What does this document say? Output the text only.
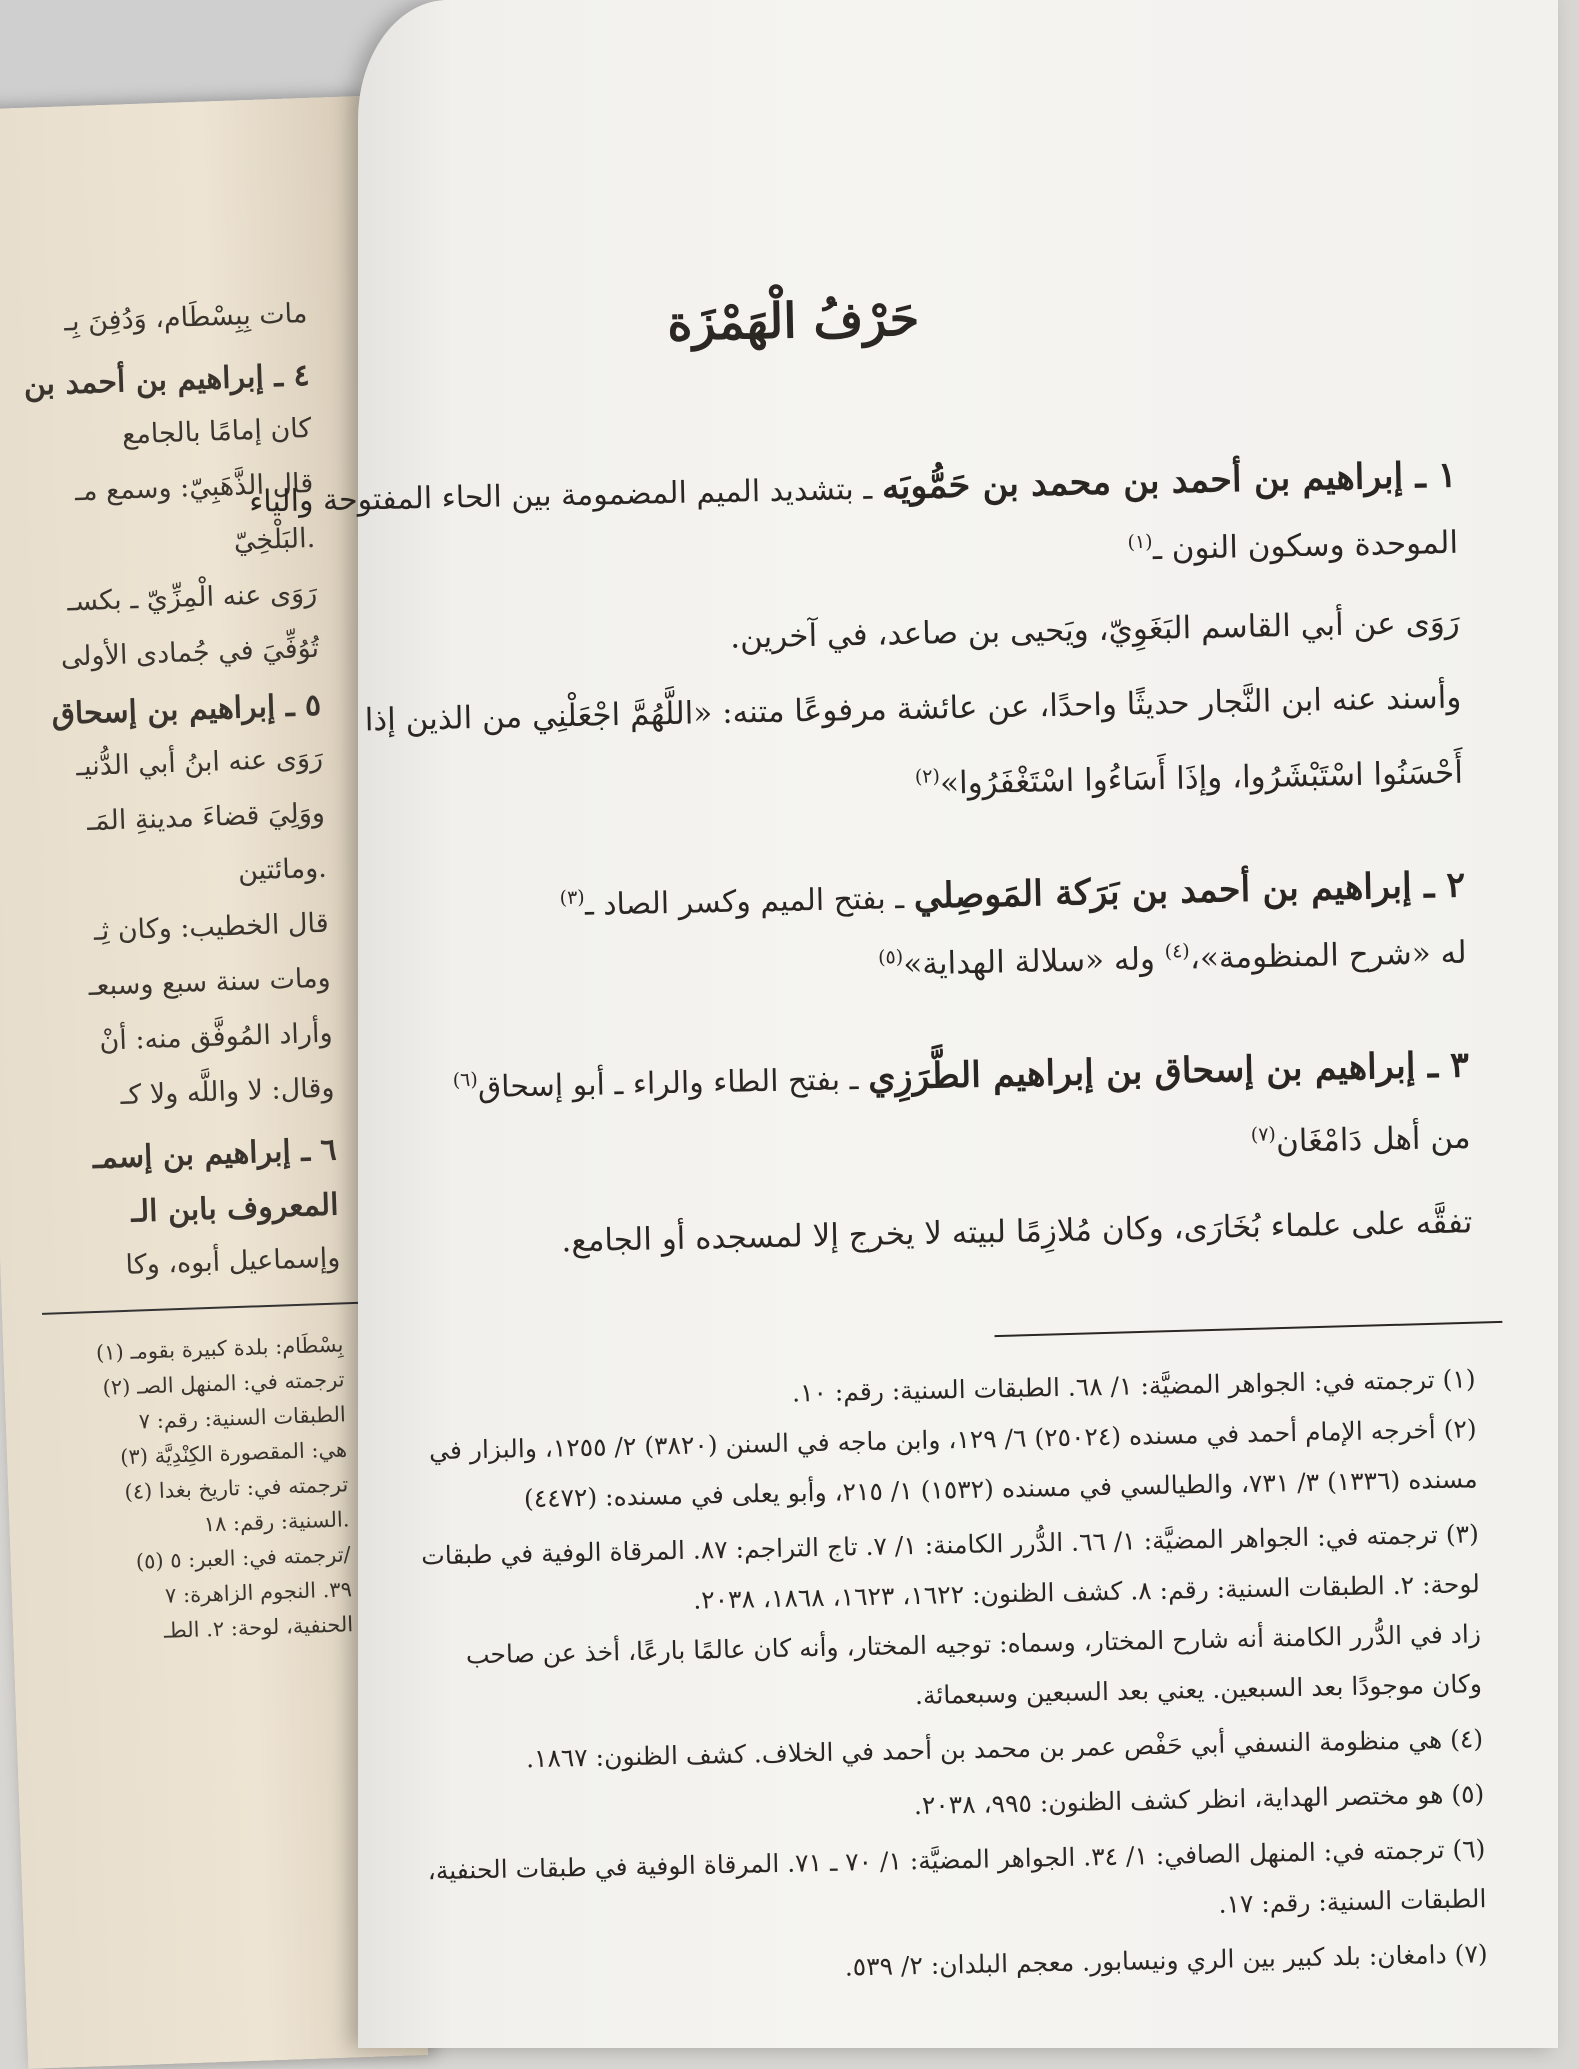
مات بِبِسْطَام، وَدُفِنَ بِـ
٤ ـ إبراهيم بن أحمد بن
كان إمامًا بالجامع
قال الذَّهَبِيّ: وسمع مـ
البَلْخِيّ.
رَوَى عنه الْمِزِّيّ ـ بكسـ
تُوُفِّيَ في جُمادى الأولى
٥ ـ إبراهيم بن إسحاق
رَوَى عنه ابنُ أبي الدُّنيـ
ووَلِيَ قضاءَ مدينةِ المَـ
ومائتين.
قال الخطيب: وكان ثِـ
ومات سنة سبع وسبعـ
وأراد المُوفَّق منه: أنْ
وقال: لا واللَّه ولا كـ
٦ ـ إبراهيم بن إسمـ
المعروف بابن الـ
وإسماعيل أبوه، وكا
(١) بِسْطَام: بلدة كبيرة بقومـ
(٢) ترجمته في: المنهل الصـ
الطبقات السنية: رقم: ٧
(٣) هي: المقصورة الكِنْدِيَّة
(٤) ترجمته في: تاريخ بغدا
السنية: رقم: ١٨.
(٥) ترجمته في: العبر: ٥/
٣٩. النجوم الزاهرة: ٧
الحنفية، لوحة: ٢. الطـ
حَرْفُ الْهَمْزَة
١ ـ إبراهيم بن أحمد بن محمد بن حَمُّويَه ـ بتشديد الميم المضمومة بين الحاء المفتوحة والياء
الموحدة وسكون النون ـ$^{(١)}$
رَوَى عن أبي القاسم البَغَوِيّ، ويَحيى بن صاعد، في آخرين.
وأسند عنه ابن النَّجار حديثًا واحدًا، عن عائشة مرفوعًا متنه: «اللَّهُمَّ اجْعَلْنِي من الذين إذا
أَحْسَنُوا اسْتَبْشَرُوا، وإذَا أَسَاءُوا اسْتَغْفَرُوا»$^{(٢)}$
٢ ـ إبراهيم بن أحمد بن بَرَكة المَوصِلي ـ بفتح الميم وكسر الصاد ـ$^{(٣)}$
له «شرح المنظومة»،$^{(٤)}$ وله «سلالة الهداية»$^{(٥)}$
٣ ـ إبراهيم بن إسحاق بن إبراهيم الطَّرَزِي ـ بفتح الطاء والراء ـ أبو إسحاق$^{(٦)}$
من أهل دَامْغَان$^{(٧)}$
تفقَّه على علماء بُخَارَى، وكان مُلازِمًا لبيته لا يخرج إلا لمسجده أو الجامع.
(١) ترجمته في: الجواهر المضيَّة: ١/ ٦٨. الطبقات السنية: رقم: ١٠.
(٢) أخرجه الإمام أحمد في مسنده (٢٥٠٢٤) ٦/ ١٢٩، وابن ماجه في السنن (٣٨٢٠) ٢/ ١٢٥٥، والبزار في
مسنده (١٣٣٦) ٣/ ٧٣١، والطيالسي في مسنده (١٥٣٢) ١/ ٢١٥، وأبو يعلى في مسنده: (٤٤٧٢)
(٣) ترجمته في: الجواهر المضيَّة: ١/ ٦٦. الدُّرر الكامنة: ١/ ٧. تاج التراجم: ٨٧. المرقاة الوفية في طبقات
لوحة: ٢. الطبقات السنية: رقم: ٨. كشف الظنون: ١٦٢٢، ١٦٢٣، ١٨٦٨، ٢٠٣٨.
زاد في الدُّرر الكامنة أنه شارح المختار، وسماه: توجيه المختار، وأنه كان عالمًا بارعًا، أخذ عن صاحب
وكان موجودًا بعد السبعين. يعني بعد السبعين وسبعمائة.
(٤) هي منظومة النسفي أبي حَفْص عمر بن محمد بن أحمد في الخلاف. كشف الظنون: ١٨٦٧.
(٥) هو مختصر الهداية، انظر كشف الظنون: ٩٩٥، ٢٠٣٨.
(٦) ترجمته في: المنهل الصافي: ١/ ٣٤. الجواهر المضيَّة: ١/ ٧٠ ـ ٧١. المرقاة الوفية في طبقات الحنفية،
الطبقات السنية: رقم: ١٧.
(٧) دامغان: بلد كبير بين الري ونيسابور. معجم البلدان: ٢/ ٥٣٩.
